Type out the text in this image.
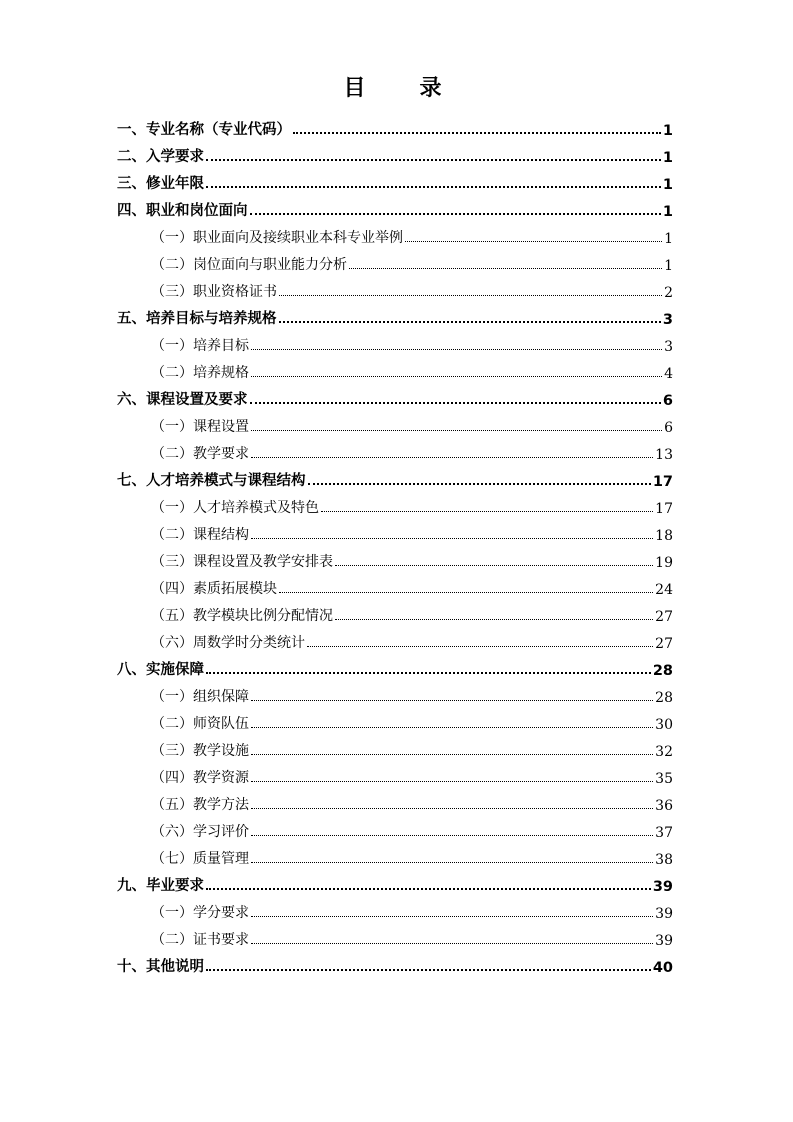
目　录
一、专业名称（专业代码）	1
二、入学要求	1
三、修业年限	1
四、职业和岗位面向	1
（一）职业面向及接续职业本科专业举例	1
（二）岗位面向与职业能力分析	1
（三）职业资格证书	2
五、培养目标与培养规格	3
（一）培养目标	3
（二）培养规格	4
六、课程设置及要求	6
（一）课程设置	6
（二）教学要求	13
七、人才培养模式与课程结构	17
（一）人才培养模式及特色	17
（二）课程结构	18
（三）课程设置及教学安排表	19
（四）素质拓展模块	24
（五）教学模块比例分配情况	27
（六）周数学时分类统计	27
八、实施保障	28
（一）组织保障	28
（二）师资队伍	30
（三）教学设施	32
（四）教学资源	35
（五）教学方法	36
（六）学习评价	37
（七）质量管理	38
九、毕业要求	39
（一）学分要求	39
（二）证书要求	39
十、其他说明	40
